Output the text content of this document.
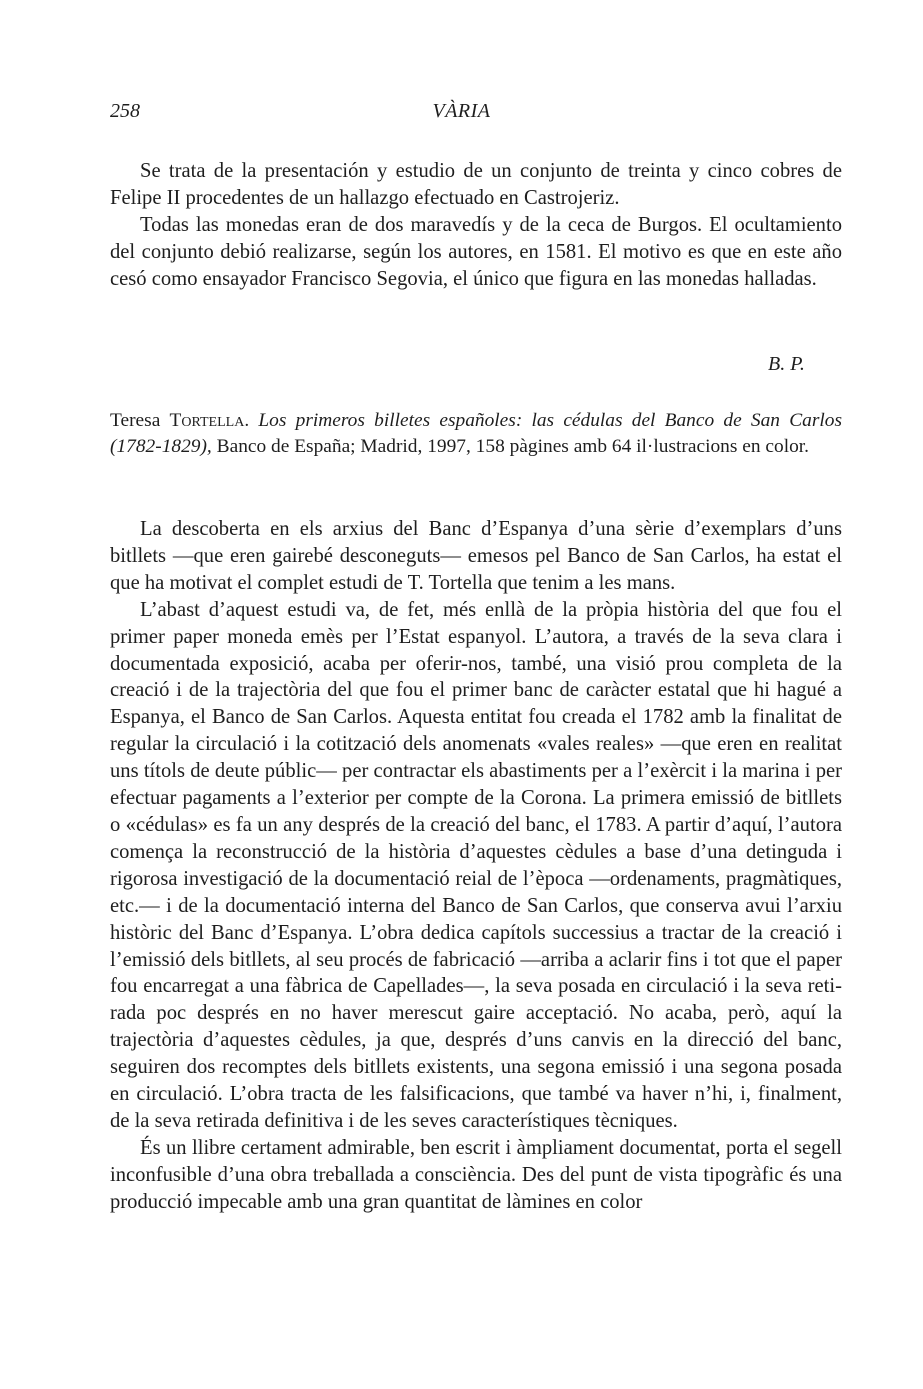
258	VÀRIA

Se trata de la presentación y estudio de un conjunto de treinta y cinco cobres de Felipe II procedentes de un hallazgo efectuado en Castrojeriz.

Todas las monedas eran de dos maravedís y de la ceca de Burgos. El ocultamiento del conjunto debió realizarse, según los autores, en 1581. El motivo es que en este año cesó como ensayador Francisco Segovia, el único que figura en las monedas halladas.

B. P.
Teresa Tortella. Los primeros billetes españoles: las cédulas del Banco de San Carlos (1782-1829), Banco de España; Madrid, 1997, 158 pàgines amb 64 il·lustracions en color.

La descoberta en els arxius del Banc d’Espanya d’una sèrie d’exemplars d’uns bitllets —que eren gairebé desconeguts— emesos pel Banco de San Carlos, ha estat el que ha motivat el complet estudi de T. Tortella que tenim a les mans.

L’abast d’aquest estudi va, de fet, més enllà de la pròpia història del que fou el primer paper moneda emès per l’Estat espanyol. L’autora, a través de la seva clara i documentada exposició, acaba per oferir-nos, també, una visió prou completa de la creació i de la trajectòria del que fou el primer banc de caràcter estatal que hi hagué a Espanya, el Banco de San Carlos. Aquesta entitat fou creada el 1782 amb la finalitat de regular la circulació i la cotització dels anomenats «vales reales» —que eren en realitat uns títols de deute públic— per contractar els abastiments per a l’exèrcit i la marina i per efectuar pagaments a l’exterior per compte de la Corona. La primera emissió de bitllets o «cédulas» es fa un any després de la creació del banc, el 1783. A partir d’aquí, l’autora comença la reconstrucció de la història d’aquestes cèdules a base d’una detinguda i rigorosa investigació de la documentació reial de l’època —ordenaments, pragmàtiques, etc.— i de la documentació interna del Banco de San Carlos, que conserva avui l’arxiu històric del Banc d’Espanya. L’obra dedica capítols successius a tractar de la creació i l’emissió dels bitllets, al seu procés de fabricació —arriba a aclarir fins i tot que el paper fou encarregat a una fàbrica de Capellades—, la seva posada en circulació i la seva retirada poc després en no haver merescut gaire acceptació. No acaba, però, aquí la trajectòria d’aquestes cèdules, ja que, després d’uns canvis en la direcció del banc, seguiren dos recomptes dels bitllets existents, una segona emissió i una segona posada en circulació. L’obra tracta de les falsificacions, que també va haver n’hi, i, finalment, de la seva retirada definitiva i de les seves característiques tècniques.

És un llibre certament admirable, ben escrit i àmpliament documentat, porta el segell inconfusible d’una obra treballada a consciència. Des del punt de vista tipogràfic és una producció impecable amb una gran quantitat de làmines en color
